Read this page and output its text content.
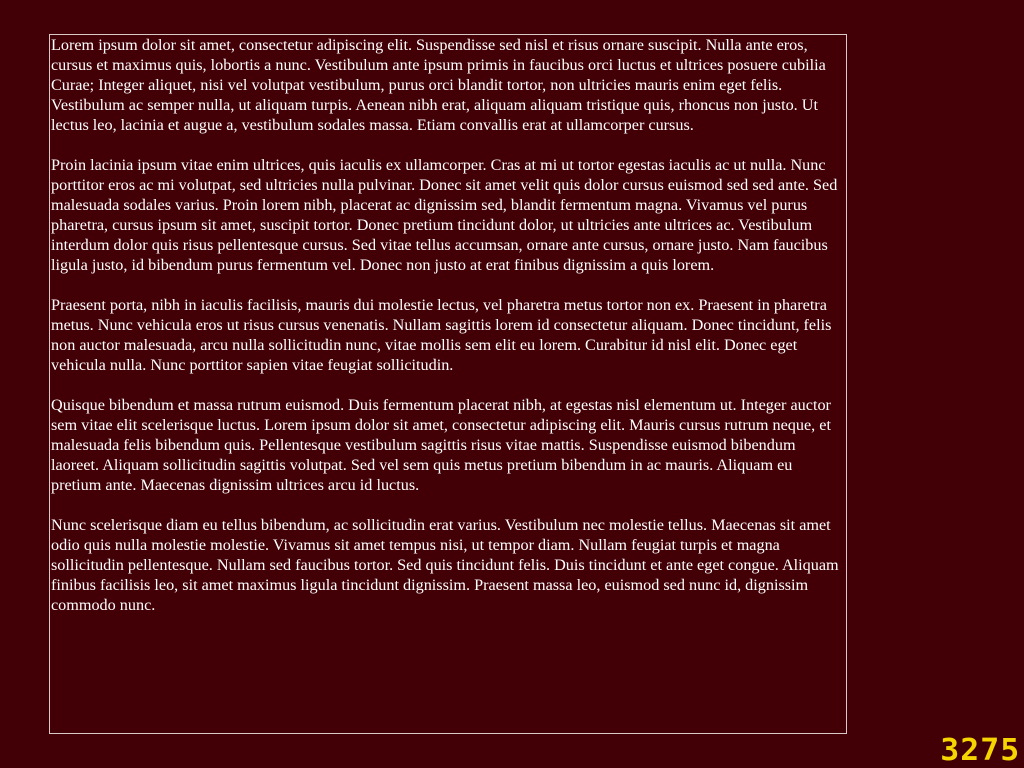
Lorem ipsum dolor sit amet, consectetur adipiscing elit. Suspendisse sed nisl et risus ornare suscipit. Nulla ante eros, cursus et maximus quis, lobortis a nunc. Vestibulum ante ipsum primis in faucibus orci luctus et ultrices posuere cubilia Curae; Integer aliquet, nisi vel volutpat vestibulum, purus orci blandit tortor, non ultricies mauris enim eget felis. Vestibulum ac semper nulla, ut aliquam turpis. Aenean nibh erat, aliquam aliquam tristique quis, rhoncus non justo. Ut lectus leo, lacinia et augue a, vestibulum sodales massa. Etiam convallis erat at ullamcorper cursus.

Proin lacinia ipsum vitae enim ultrices, quis iaculis ex ullamcorper. Cras at mi ut tortor egestas iaculis ac ut nulla. Nunc porttitor eros ac mi volutpat, sed ultricies nulla pulvinar. Donec sit amet velit quis dolor cursus euismod sed sed ante. Sed malesuada sodales varius. Proin lorem nibh, placerat ac dignissim sed, blandit fermentum magna. Vivamus vel purus pharetra, cursus ipsum sit amet, suscipit tortor. Donec pretium tincidunt dolor, ut ultricies ante ultrices ac. Vestibulum interdum dolor quis risus pellentesque cursus. Sed vitae tellus accumsan, ornare ante cursus, ornare justo. Nam faucibus ligula justo, id bibendum purus fermentum vel. Donec non justo at erat finibus dignissim a quis lorem.

Praesent porta, nibh in iaculis facilisis, mauris dui molestie lectus, vel pharetra metus tortor non ex. Praesent in pharetra metus. Nunc vehicula eros ut risus cursus venenatis. Nullam sagittis lorem id consectetur aliquam. Donec tincidunt, felis non auctor malesuada, arcu nulla sollicitudin nunc, vitae mollis sem elit eu lorem. Curabitur id nisl elit. Donec eget vehicula nulla. Nunc porttitor sapien vitae feugiat sollicitudin.

Quisque bibendum et massa rutrum euismod. Duis fermentum placerat nibh, at egestas nisl elementum ut. Integer auctor sem vitae elit scelerisque luctus. Lorem ipsum dolor sit amet, consectetur adipiscing elit. Mauris cursus rutrum neque, et malesuada felis bibendum quis. Pellentesque vestibulum sagittis risus vitae mattis. Suspendisse euismod bibendum laoreet. Aliquam sollicitudin sagittis volutpat. Sed vel sem quis metus pretium bibendum in ac mauris. Aliquam eu pretium ante. Maecenas dignissim ultrices arcu id luctus.

Nunc scelerisque diam eu tellus bibendum, ac sollicitudin erat varius. Vestibulum nec molestie tellus. Maecenas sit amet odio quis nulla molestie molestie. Vivamus sit amet tempus nisi, ut tempor diam. Nullam feugiat turpis et magna sollicitudin pellentesque. Nullam sed faucibus tortor. Sed quis tincidunt felis. Duis tincidunt et ante eget congue. Aliquam finibus facilisis leo, sit amet maximus ligula tincidunt dignissim. Praesent massa leo, euismod sed nunc id, dignissim commodo nunc.

3275
